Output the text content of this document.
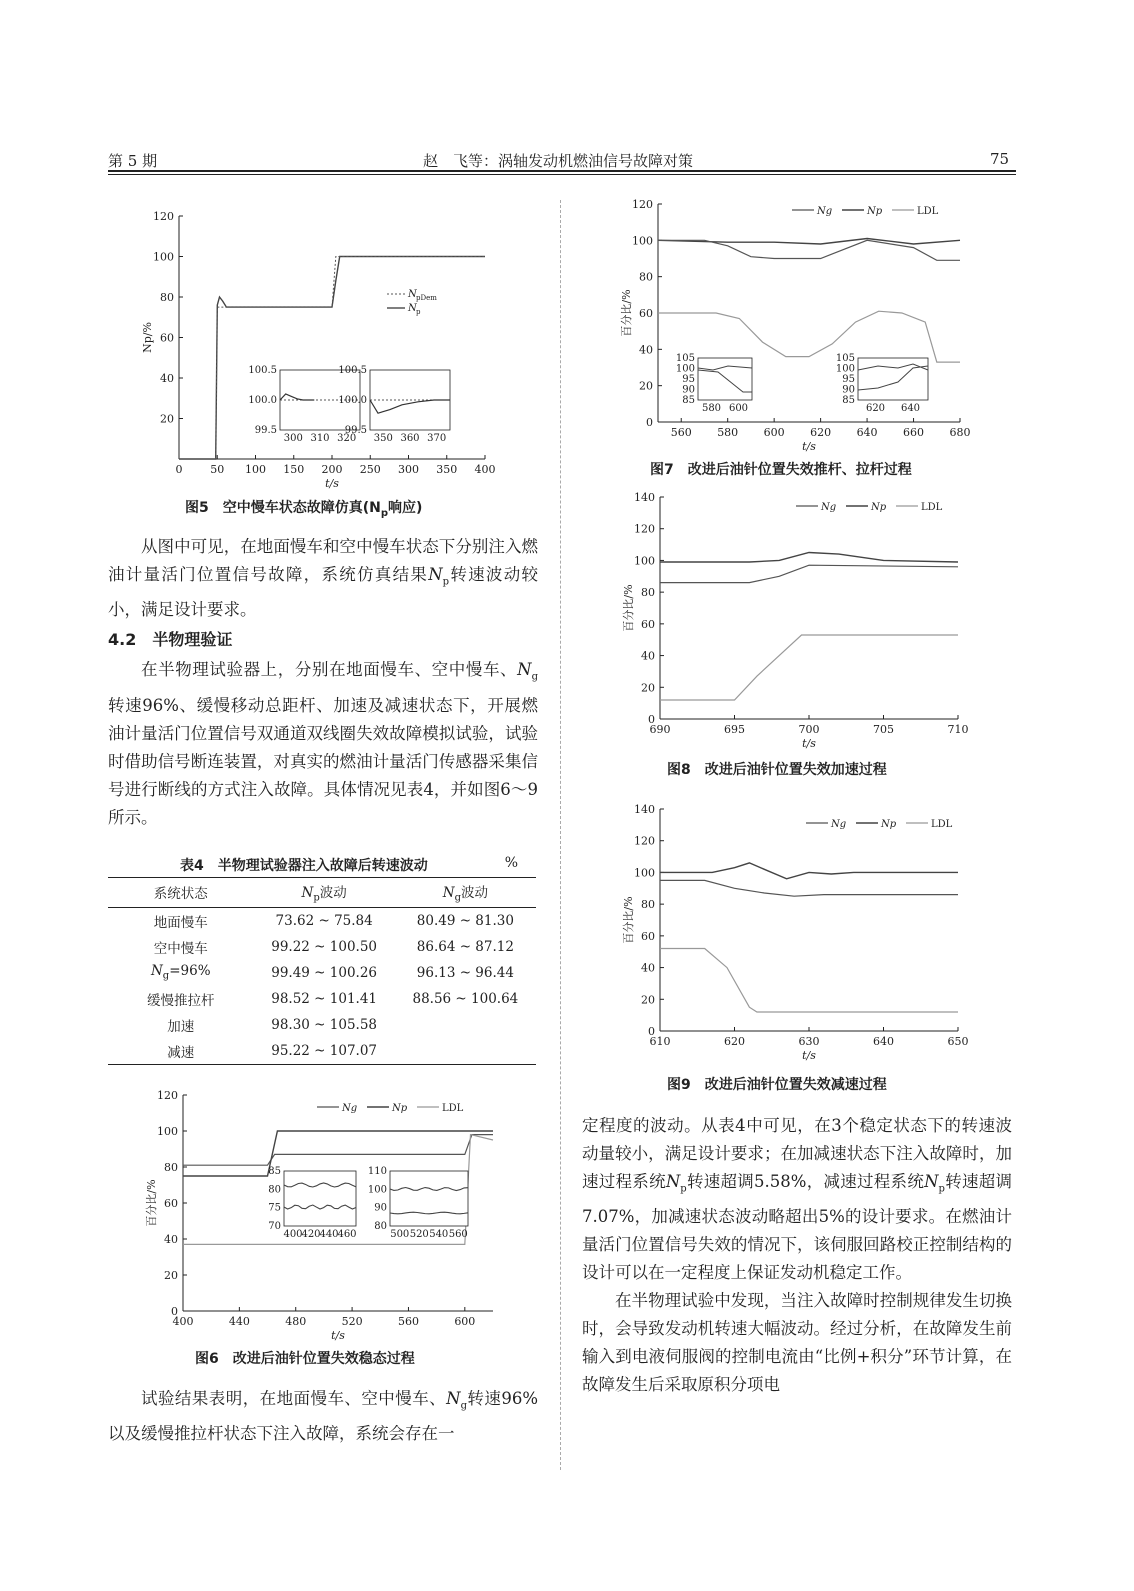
第 5 期	赵　飞等：涡轴发动机燃油信号故障对策	75
0	50 100 150 200 250 300 350 400
20
40
60
80
100
120
t/s
Np/%
N pDem
N p
300 310 320
99.5
100.0
100.5
350 360 370
99.5
100.0
100.5
图5　空中慢车状态故障仿真($N_p$响应)

从图中可见，在地面慢车和空中慢车状态下分别注入燃油计量活门位置信号故障，系统仿真结果$N_p$转速波动较小，满足设计要求。

4.2　半物理验证

在半物理试验器上，分别在地面慢车、空中慢车、$N_g$转速96%、缓慢移动总距杆、加速及减速状态下，开展燃油计量活门位置信号双通道双线圈失效故障模拟试验，试验时借助信号断连装置，对真实的燃油计量活门传感器采集信号进行断线的方式注入故障。具体情况见表4，并如图6～9所示。

表4　半物理试验器注入故障后转速波动	%
系统状态	$N_p$波动	$N_g$波动
地面慢车	73.62 ~ 75.84	80.49 ~ 81.30
空中慢车	99.22 ~ 100.50	86.64 ~ 87.12
$N_g=96\%$	99.49 ~ 100.26	96.13 ~ 96.44
缓慢推拉杆	98.52 ~ 101.41	88.56 ~ 100.64
加速	98.30 ~ 105.58	
减速	95.22 ~ 107.07	
400	440	480	520	560	600
0
20
40
60
80
100
120
t/s
百分比/%
Ng	Np	LDL
400
420
440
460
70
75
80
85
500 520 540 560
80
90
100
110
图6　改进后油针位置失效稳态过程

试验结果表明，在地面慢车、空中慢车、$N_g$转速96%以及缓慢推拉杆状态下注入故障，系统会存在一

560 580 600 620 640 660 680
0
20
40
60
80
100
120
t/s
百分比/%
Ng	Np	LDL
580 600
85
90
95
100
105
620 640
85
90
95
100
105
图7　改进后油针位置失效推杆、拉杆过程
690	695	700	705	710
0
20
40
60
80
100
120
140
t/s
百分比/%
Ng	Np	LDL
图8　改进后油针位置失效加速过程
610	620	630	640	650
0
20
40
60
80
100
120
140
t/s
百分比/%
Ng	Np	LDL
图9　改进后油针位置失效减速过程

定程度的波动。从表4中可见，在3个稳定状态下的转速波动量较小，满足设计要求；在加减速状态下注入故障时，加速过程系统$N_p$转速超调5.58%，减速过程系统$N_p$转速超调7.07%，加减速状态波动略超出5%的设计要求。在燃油计量活门位置信号失效的情况下，该伺服回路校正控制结构的设计可以在一定程度上保证发动机稳定工作。

在半物理试验中发现，当注入故障时控制规律发生切换时，会导致发动机转速大幅波动。经过分析，在故障发生前输入到电液伺服阀的控制电流由“比例+积分”环节计算，在故障发生后采取原积分项电
